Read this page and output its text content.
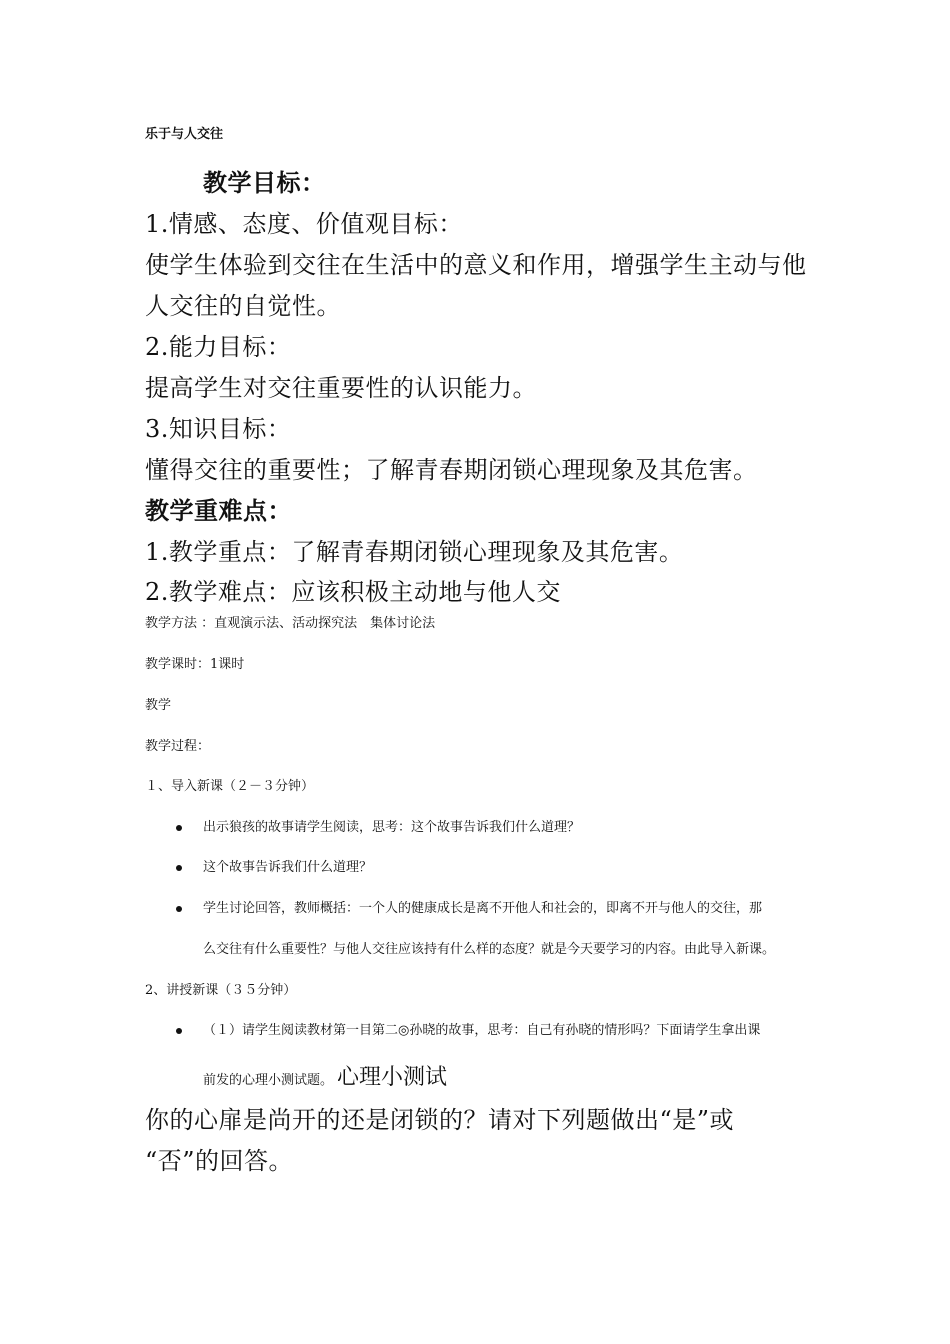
乐于与人交往
教学目标：
1.情感、态度、价值观目标：
使学生体验到交往在生活中的意义和作用，增强学生主动与他
人交往的自觉性。
2.能力目标：
提高学生对交往重要性的认识能力。
3.知识目标：
懂得交往的重要性；了解青春期闭锁心理现象及其危害。
教学重难点：
1.教学重点：了解青春期闭锁心理现象及其危害。
2.教学难点：应该积极主动地与他人交
教学方法 ：直观演示法、活动探究法　集体讨论法
教学课时：1课时
教学
教学过程：
１、导入新课（２－３分钟）
出示狼孩的故事请学生阅读，思考：这个故事告诉我们什么道理？
这个故事告诉我们什么道理？
学生讨论回答，教师概括：一个人的健康成长是离不开他人和社会的，即离不开与他人的交往，那
么交往有什么重要性？与他人交往应该持有什么样的态度？就是今天要学习的内容。由此导入新课。
2、讲授新课（３５分钟）
（１）请学生阅读教材第一目第二◎孙晓的故事，思考：自己有孙晓的情形吗？下面请学生拿出课
前发的心理小测试题。 心理小测试
你的心扉是尚开的还是闭锁的？请对下列题做出“是”或
“否”的回答。
